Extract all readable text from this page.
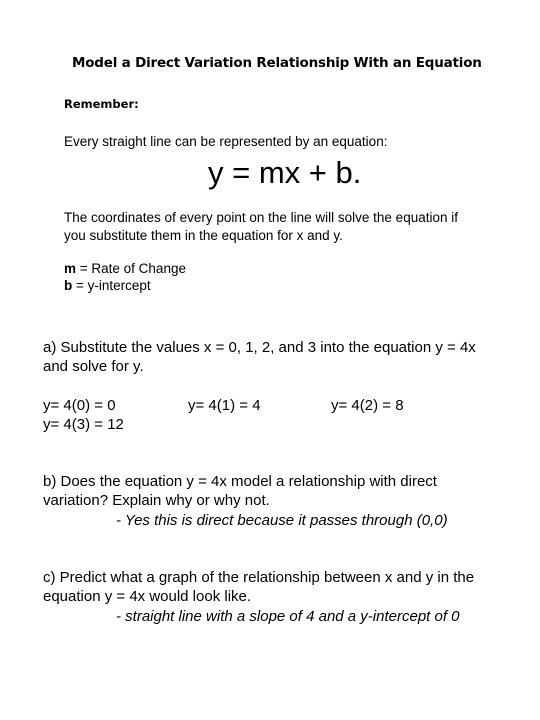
Model a Direct Variation Relationship With an Equation
Remember:
Every straight line can be represented by an equation:
y = mx + b.
The coordinates of every point on the line will solve the equation if
you substitute them in the equation for x and y.
m = Rate of Change
b = y-intercept
a) Substitute the values x = 0, 1, 2, and 3 into the equation y = 4x
and solve for y.
y= 4(0) = 0	y= 4(1) = 4	y= 4(2) = 8
y= 4(3) = 12
b) Does the equation y = 4x model a relationship with direct
variation? Explain why or why not.
- Yes this is direct because it passes through (0,0)
c) Predict what a graph of the relationship between x and y in the
equation y = 4x would look like.
- straight line with a slope of 4 and a y-intercept of 0
